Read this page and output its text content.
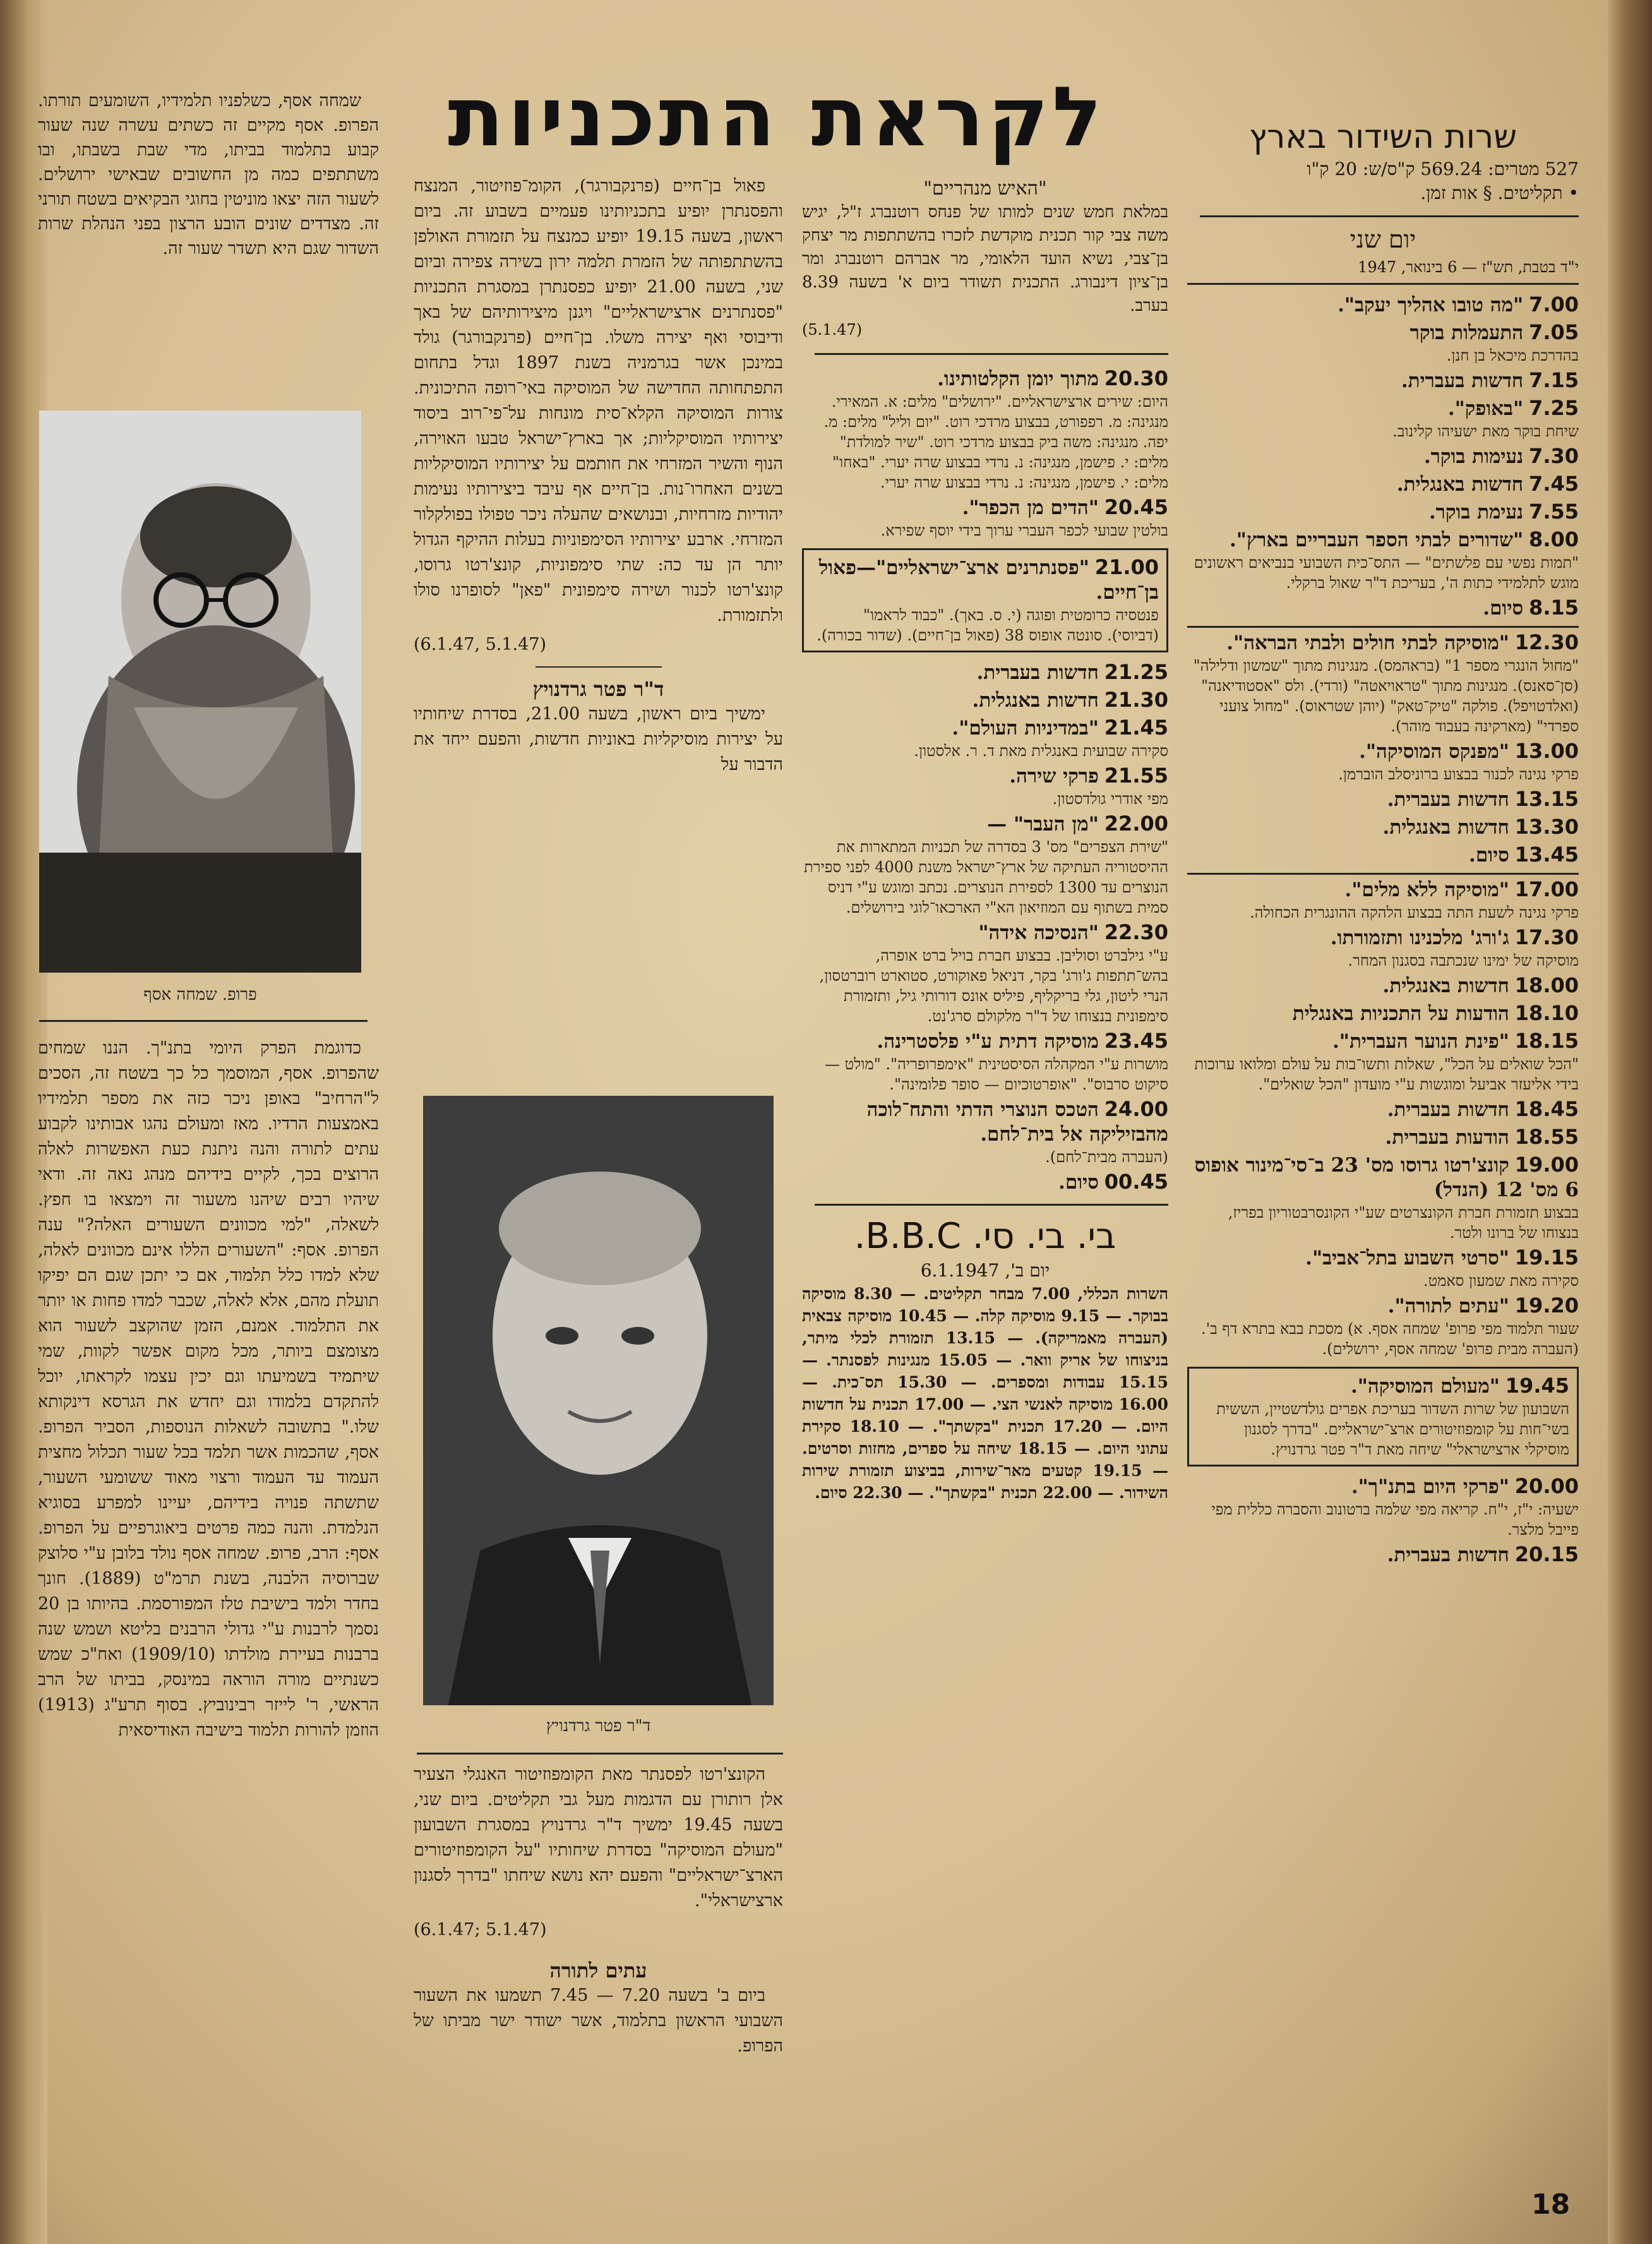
שמחה אסף, כשלפניו תלמידיו, השומעים תורתו. הפרופ. אסף מקיים זה כשתים עשרה שנה שעור קבוע בתלמוד בביתו, מדי שבת בשבתו, ובו משתתפים כמה מן החשובים שבאישי ירושלים. לשעור הזה יצאו מוניטין בחוגי הבקיאים בשטח תורני זה. מצדדים שונים הובע הרצון בפני הנהלת שרות השדור שגם היא תשדר שעור זה.

פרופ. שמחה אסף

כדוגמת הפרק היומי בתנ"ך. הננו שמחים שהפרופ. אסף, המוסמך כל כך בשטח זה, הסכים ל"הרחיב" באופן ניכר כזה את מספר תלמידיו באמצעות הרדיו. מאז ומעולם נהגו אבותינו לקבוע עתים לתורה והנה ניתנת כעת האפשרות לאלה הרוצים בכך, לקיים בידיהם מנהג נאה זה. ודאי שיהיו רבים שיהנו משעור זה וימצאו בו חפץ. לשאלה, "למי מכוונים השעורים האלה?" ענה הפרופ. אסף: "השעורים הללו אינם מכוונים לאלה, שלא למדו כלל תלמוד, אם כי יתכן שגם הם יפיקו תועלת מהם, אלא לאלה, שכבר למדו פחות או יותר את התלמוד. אמנם, הזמן שהוקצב לשעור הוא מצומצם ביותר, מכל מקום אפשר לקוות, שמי שיתמיד בשמיעתו וגם יכין עצמו לקראתו, יוכל להתקדם בלמודו וגם יחדש את הגרסא דינקותא שלו." בתשובה לשאלות הנוספות, הסביר הפרופ. אסף, שהכמות אשר תלמד בכל שעור תכלול מחצית העמוד עד העמוד ורצוי מאוד ששומעי השעור, שתשתה פנויה בידיהם, יעיינו למפרע בסוגיא הנלמדת. והנה כמה פרטים ביאוגרפיים על הפרופ. אסף: הרב, פרופ. שמחה אסף נולד בלובן ע"י סלוצק שברוסיה הלבנה, בשנת תרמ"ט (1889). חונך בחדר ולמד בישיבת טלז המפורסמת. בהיותו בן 20 נסמך לרבנות ע"י גדולי הרבנים בליטא ושמש שנה ברבנות בעיירת מולדתו (1909/10) ואח"כ שמש כשנתיים מורה הוראה במינסק, בביתו של הרב הראשי, ר' לייזר רבינוביץ. בסוף תרע"ג (1913) הוזמן להורות תלמוד בישיבה האודיסאית

לקראת התכניות

פאול בן־חיים (פרנקבורגר), הקומ־פוזיטור, המנצח והפסנתרן יופיע בתכניותינו פעמיים בשבוע זה. ביום ראשון, בשעה 19.15 יופיע כמנצח על תזמורת האולפן בהשתתפותה של הזמרת תלמה ירון בשירה צפירה וביום שני, בשעה 21.00 יופיע כפסנתרן במסגרת התכניות "פסנתרנים ארצישראליים" ויגנן מיצירותיהם של באך ודיבוסי ואף יצירה משלו. בן־חיים (פרנקבורגר) גולד במינכן אשר בגרמניה בשנת 1897 וגדל בתחום התפתחותה החדישה של המוסיקה באי־רופה התיכונית. צורות המוסיקה הקלא־סית מונחות על־פי־רוב ביסוד יצירותיו המוסיקליות; אך בארץ־ישראל טבעו האוירה, הנוף והשיר המזרחי את חותמם על יצירותיו המוסיקליות בשנים האחרו־נות. בן־חיים אף עיבד ביצירותיו נעימות יהודיות מזרחיות, ובנושאים שהעלה ניכר טפולו בפולקלור המזרחי. ארבע יצירותיו הסימפוניות בעלות ההיקף הגדול יותר הן עד כה: שתי סימפוניות, קונצ'רטו גרוסו, קונצ'רטו לכנור ושירה סימפונית "פאן" לסופרנו סולו ולתזמורת.

(5.1.47 ,6.1.47)
ד"ר פטר גרדנויץ

ימשיך ביום ראשון, בשעה 21.00, בסדרת שיחותיו על יצירות מוסיקליות באוניות חדשות, והפעם ייחד את הדבור על

ד"ר פטר גרדנויץ

הקונצ'רטו לפסנתר מאת הקומפוזיטור האנגלי הצעיר אלן רותורן עם הדגמות מעל גבי תקליטים. ביום שני, בשעה 19.45 ימשיך ד"ר גרדנויץ במסגרת השבועון "מעולם המוסיקה" בסדרת שיחותיו "על הקומפוזיטורים הארצ־ישראליים" והפעם יהא נושא שיחתו "בדרך לסגנון ארצישראלי".

(5.1.47 ;6.1.47)
עתים לתורה

ביום ב' בשעה 7.20 — 7.45 תשמעו את השעור השבועי הראשון בתלמוד, אשר ישודר ישר מביתו של הפרופ.

"האיש מנהריים"
במלאת חמש שנים למותו של פנחס רוטנברג ז"ל, יגיש משה צבי קור תכנית מוקדשת לזכרו בהשתתפות מר יצחק בן־צבי, נשיא הועד הלאומי, מר אברהם רוטנברג ומר בן־ציון דינבורג. התכנית תשודר ביום א' בשעה 8.39 בערב.
(5.1.47)
20.30 מתוך יומן הקלטותינו.
היום: שירים ארצישראליים. "ירושלים" מלים: א. המאירי. מנגינה: מ. רפפורט, בבצוע מרדכי רוט. "יום וליל" מלים: מ. יפה. מנגינה: משה ביק בבצוע מרדכי רוט. "שיר למולדת" מלים: י. פישמן, מנגינה: נ. נרדי בבצוע שרה יערי. "באחו" מלים: י. פישמן, מנגינה: נ. נרדי בבצוע שרה יערי.
20.45 "הדים מן הכפר".
בולטין שבועי לכפר העברי ערוך בידי יוסף שפירא.
21.00 "פסנתרנים ארצ־ישראליים"—פאול בן־חיים.
פנטסיה כרומטית ופוגה (י. ס. באך). "כבוד לראמו" (דביוסי). סונטה אופוס 38 (פאול בן־חיים). (שדור בכורה).
21.25 חדשות בעברית.
21.30 חדשות באנגלית.
21.45 "במדיניות העולם".
סקירה שבועית באנגלית מאת ד. ר. אלסטון.
21.55 פרקי שירה.
מפי אודרי גולדסטון.
22.00 "מן העבר" —
"שירת הצפרים" מס' 3 בסדרה של תכניות המתארות את ההיסטוריה העתיקה של ארץ־ישראל משנת 4000 לפני ספירת הנוצרים עד 1300 לספירת הנוצרים. נכתב ומוגש ע"י דניס סמית בשתוף עם המוזיאון הא"י הארכאו־לוגי בירושלים.
22.30 "הנסיכה אידה"
ע"י גילברט וסוליבן. בבצוע חברת בויל ברט אופרה, בהש־תתפות ג'ורג' בקר, דניאל פאוקורט, סטוארט רוברטסון, הנרי ליטון, גלי בריקליף, פיליס אונס דורותי גיל, ותזמורת סימפונית בנצוחו של ד"ר מלקולם סרג'נט.
23.45 מוסיקה דתית ע"י פלסטרינה.
מושרות ע"י המקהלה הסיסטינית "אימפרופריה". "מולט — סיקוט סרבוס". "אופרטוכיום — סופר פלומינה".
24.00 הטכס הנוצרי הדתי והתח־לוכה מהבזיליקה אל בית־לחם.
(העברה מבית־לחם).
00.45 סיום.
בי. בי. סי. B.B.C.
יום ב', 6.1.1947
השרות הכללי, 7.00 מבחר תקליטים. — 8.30 מוסיקה בבוקר. — 9.15 מוסיקה קלה. — 10.45 מוסיקה צבאית (העברה מאמריקה). — 13.15 תזמורת לכלי מיתר, בניצוחו של אריק וואר. — 15.05 מנגינות לפסנתר. — 15.15 עבודות ומספרים. — 15.30 תס־כית. — 16.00 מוסיקה לאנשי הצי. — 17.00 תכנית על חדשות היום. — 17.20 תכנית "בקשתך". — 18.10 סקירת עתוני היום. — 18.15 שיחה על ספרים, מחזות וסרטים. — 19.15 קטעים מאר־שירות, בביצוע תזמורת שירות השידור. — 22.00 תכנית "בקשתך". — 22.30 סיום.
שרות השידור בארץ
527 מטרים: 569.24 ק"ס/ש: 20 ק"ו
• תקליטים. § אות זמן.
יום שני
י"ד בטבת, תש"ז — 6 בינואר, 1947
7.00 "מה טובו אהליך יעקב".
7.05 התעמלות בוקר
בהדרכת מיכאל בן חנן.
7.15 חדשות בעברית.
7.25 "באופק".
שיחת בוקר מאת ישעיהו קלינוב.
7.30 נעימות בוקר.
7.45 חדשות באנגלית.
7.55 נעימת בוקר.
8.00 "שדורים לבתי הספר העבריים בארץ".
"תמות נפשי עם פלשתים" — התס־כית השבועי בנביאים ראשונים מוגש לתלמידי כתות ה', בעריכת ד"ר שאול ברקלי.
8.15 סיום.
12.30 "מוסיקה לבתי חולים ולבתי הבראה".
"מחול הונגרי מספר 1" (בראהמס). מנגינות מתוך "שמשון ודלילה" (סן־סאנס). מנגינות מתוך "טראויאטה" (ורדי). ולס "אסטודיאנה" (ואלדטויפל). פולקה "טיק־טאק" (יוהן שטראוס). "מחול צועני ספרדי" (מארקינה בעבוד מוהר).
13.00 "מפנקס המוסיקה".
פרקי נגינה לכנור בבצוע ברוניסלב הוברמן.
13.15 חדשות בעברית.
13.30 חדשות באנגלית.
13.45 סיום.
17.00 "מוסיקה ללא מלים".
פרקי נגינה לשעת התה בבצוע הלהקה ההונגרית הכחולה.
17.30 ג'ורג' מלכנינו ותזמורתו.
מוסיקה של ימינו שנכתבה בסגנון המחר.
18.00 חדשות באנגלית.
18.10 הודעות על התכניות באנגלית
18.15 "פינת הנוער העברית".
"הכל שואלים על הכל", שאלות ותשו־בות על עולם ומלואו ערוכות בידי אליעזר אביעל ומוגשות ע"י מועדון "הכל שואלים".
18.45 חדשות בעברית.
18.55 הודעות בעברית.
19.00 קונצ'רטו גרוסו מס' 23 ב־סי־מינור אופוס 6 מס' 12 (הנדל)
בבצוע תזמורת חברת הקונצרטים שע"י הקונסרבטוריון בפריז, בנצוחו של ברונו ולטר.
19.15 "סרטי השבוע בתל־אביב".
סקירה מאת שמעון סאמט.
19.20 "עתים לתורה".
שעור תלמוד מפי פרופ' שמחה אסף. א) מסכת בבא בתרא דף ב'. (העברה מבית פרופ' שמחה אסף, ירושלים).
19.45 "מעולם המוסיקה".
השבועון של שרות השדור בעריכת אפרים גולדשטיין, הששית בשי־חות על קומפוזיטורים ארצ־ישראליים. "בדרך לסגנון מוסיקלי ארצישראלי" שיחה מאת ד"ר פטר גרדנויץ.
20.00 "פרקי היום בתנ"ך".
ישעיה: י"ז, י"ח. קריאה מפי שלמה ברטונוב והסברה כללית מפי פייבל מלצר.
20.15 חדשות בעברית.
18
